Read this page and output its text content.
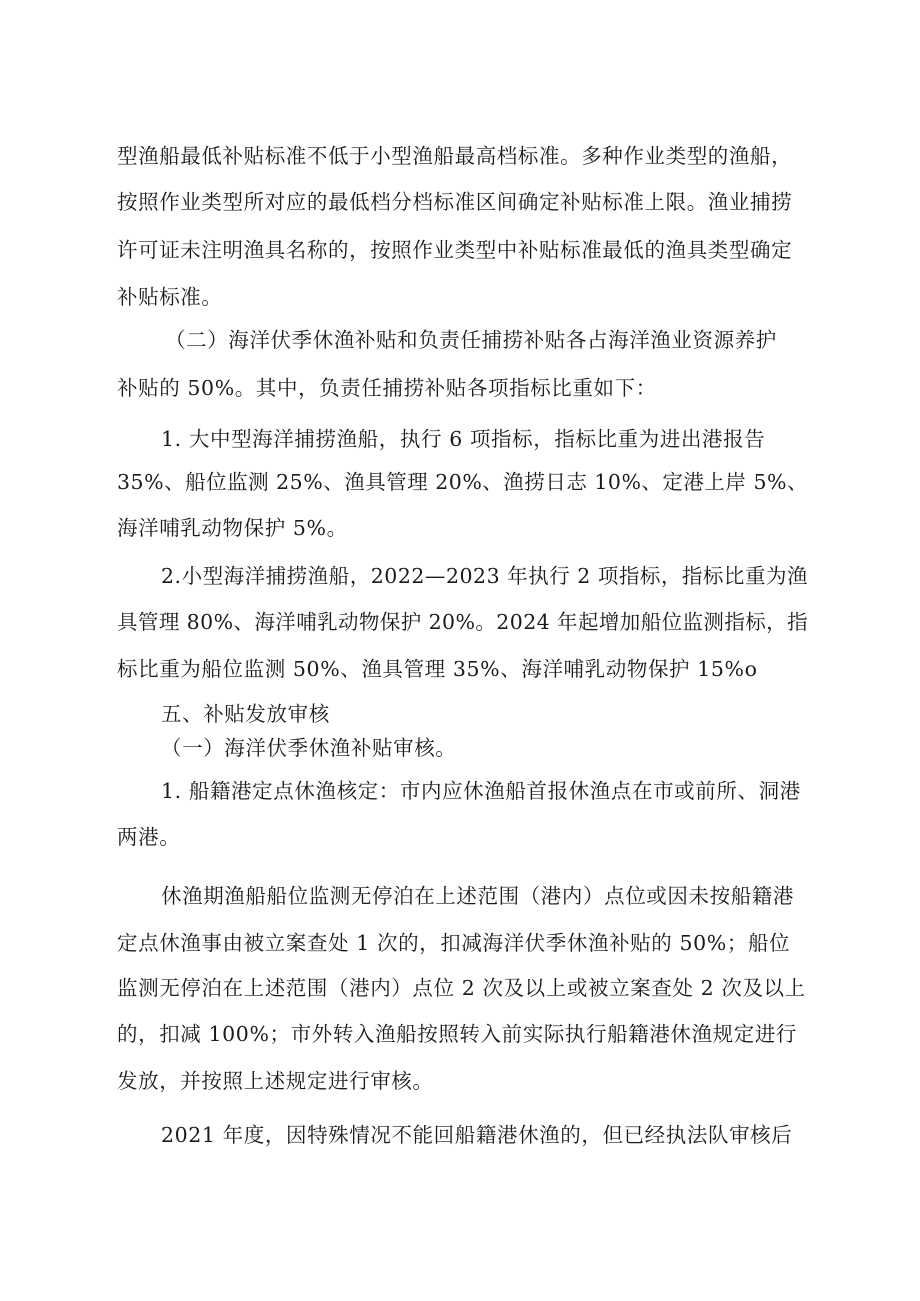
型渔船最低补贴标准不低于小型渔船最高档标准。多种作业类型的渔船，
按照作业类型所对应的最低档分档标准区间确定补贴标准上限。渔业捕捞
许可证未注明渔具名称的，按照作业类型中补贴标准最低的渔具类型确定
补贴标准。
（二）海洋伏季休渔补贴和负责任捕捞补贴各占海洋渔业资源养护
补贴的 50%。其中，负责任捕捞补贴各项指标比重如下：
1. 大中型海洋捕捞渔船，执行 6 项指标，指标比重为进出港报告
35%、船位监测 25%、渔具管理 20%、渔捞日志 10%、定港上岸 5%、
海洋哺乳动物保护 5%。
2.小型海洋捕捞渔船，2022—2023 年执行 2 项指标，指标比重为渔
具管理 80%、海洋哺乳动物保护 20%。2024 年起增加船位监测指标，指
标比重为船位监测 50%、渔具管理 35%、海洋哺乳动物保护 15%o
五、补贴发放审核
（一）海洋伏季休渔补贴审核。
1. 船籍港定点休渔核定：市内应休渔船首报休渔点在市或前所、洞港
两港。
休渔期渔船船位监测无停泊在上述范围（港内）点位或因未按船籍港
定点休渔事由被立案查处 1 次的，扣减海洋伏季休渔补贴的 50%；船位
监测无停泊在上述范围（港内）点位 2 次及以上或被立案查处 2 次及以上
的，扣减 100%；市外转入渔船按照转入前实际执行船籍港休渔规定进行
发放，并按照上述规定进行审核。
2021 年度，因特殊情况不能回船籍港休渔的，但已经执法队审核后
